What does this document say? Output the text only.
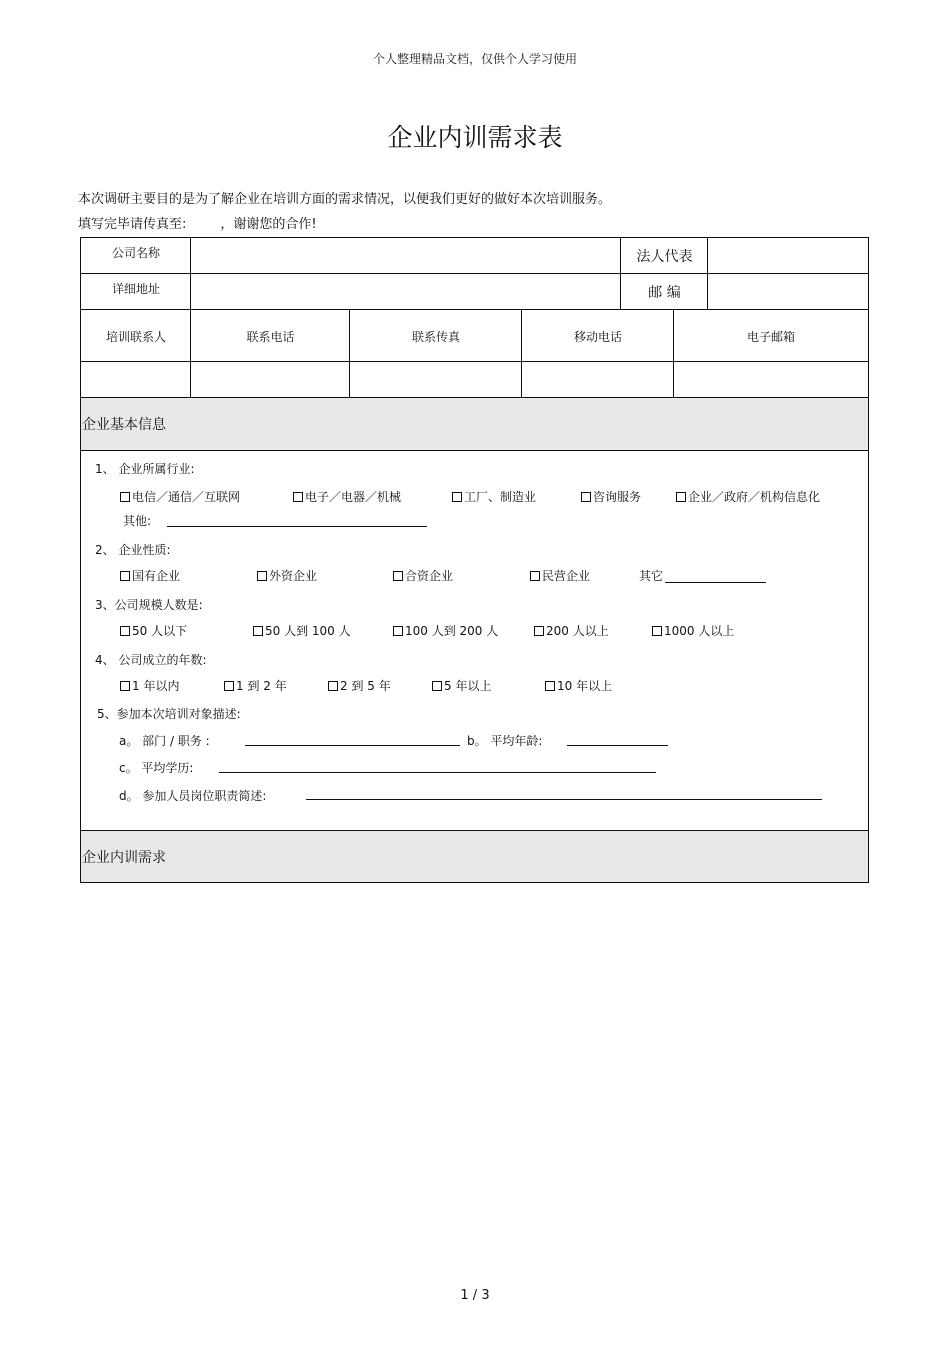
个人整理精品文档，仅供个人学习使用
企业内训需求表
本次调研主要目的是为了解企业在培训方面的需求情况，以便我们更好的做好本次培训服务。
填写完毕请传真至:	，谢谢您的合作!
公司名称	法人代表
详细地址	邮 编
培训联系人	联系电话	联系传真	移动电话	电子邮箱
企业基本信息
1、 企业所属行业:
电信／通信／互联网	电子／电器／机械	工厂、制造业	咨询服务	企业／政府／机构信息化
其他:
2、 企业性质:
国有企业	外资企业	合资企业	民营企业	其它
3、公司规模人数是:
50 人以下	50 人到 100 人	100 人到 200 人	200 人以上	1000 人以上
4、 公司成立的年数:
1 年以内	1 到 2 年	2 到 5 年	5 年以上	10 年以上
5、参加本次培训对象描述:
a。 部门 / 职务 :	b。 平均年龄:
c。 平均学历:
d。 参加人员岗位职责简述:
企业内训需求
1 / 3
